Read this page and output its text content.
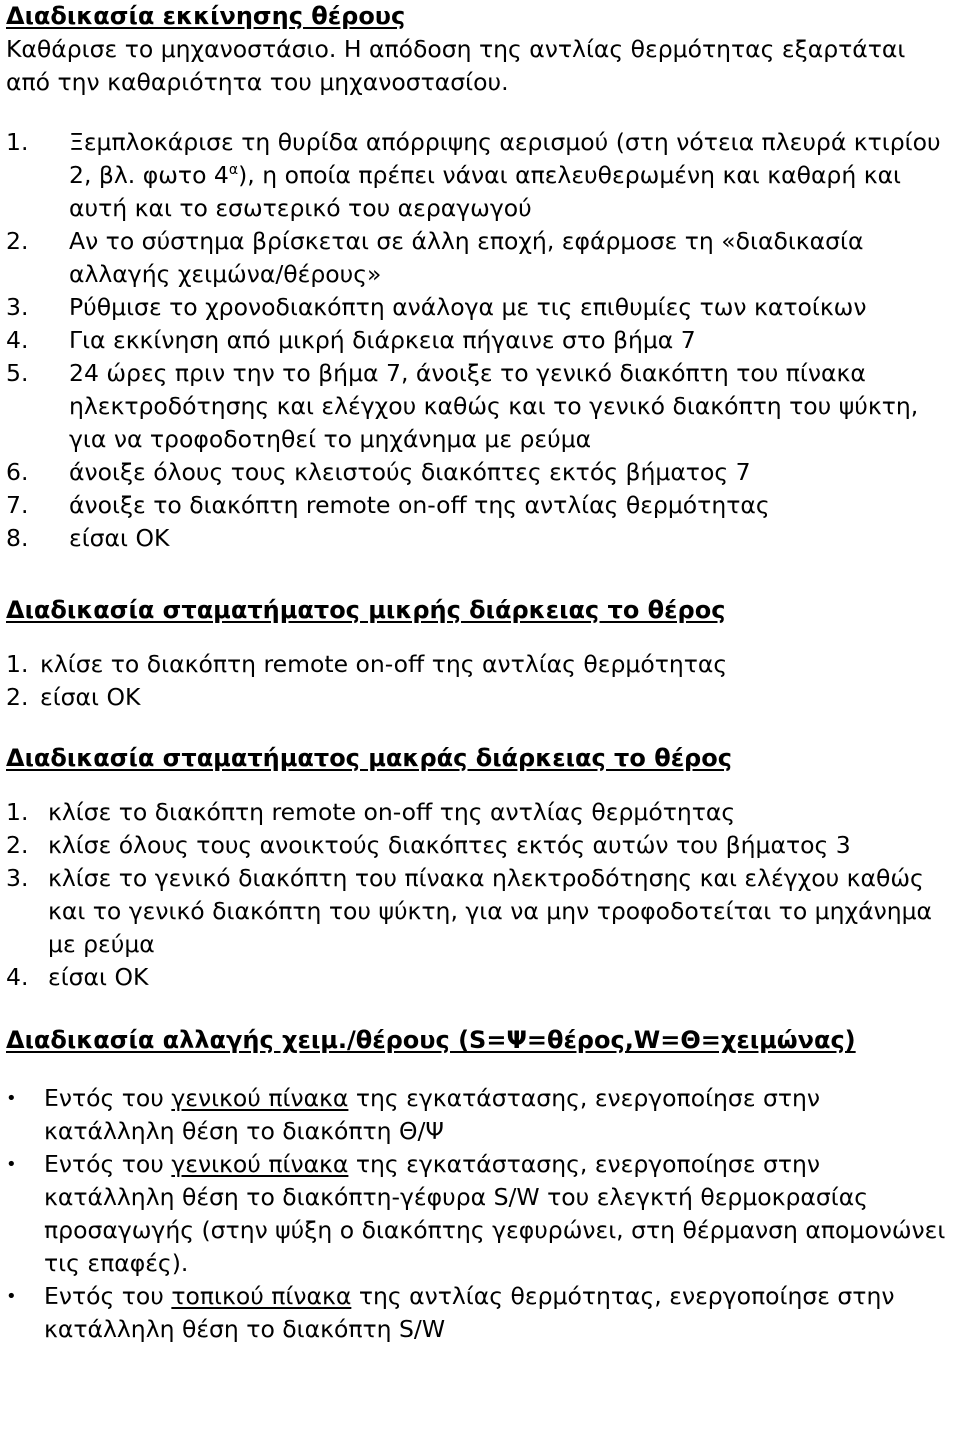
Διαδικασία εκκίνησης θέρους

Καθάρισε το μηχανοστάσιο. Η απόδοση της αντλίας θερμότητας εξαρτάται από την καθαριότητα του μηχανοστασίου.

1.	Ξεμπλοκάρισε τη θυρίδα απόρριψης αερισμού (στη νότεια πλευρά κτιρίου 2, βλ. φωτο $4^\alpha$), η οποία πρέπει νάναι απελευθερωμένη και καθαρή και αυτή και το εσωτερικό του αεραγωγού
2.	Αν το σύστημα βρίσκεται σε άλλη εποχή, εφάρμοσε τη «διαδικασία αλλαγής χειμώνα/θέρους»
3.	Ρύθμισε το χρονοδιακόπτη ανάλογα με τις επιθυμίες των κατοίκων
4.	Για εκκίνηση από μικρή διάρκεια πήγαινε στο βήμα 7
5.	24 ώρες πριν την το βήμα 7, άνοιξε το γενικό διακόπτη του πίνακα ηλεκτροδότησης και ελέγχου καθώς και το γενικό διακόπτη του ψύκτη, για να τροφοδοτηθεί το μηχάνημα με ρεύμα
6.	άνοιξε όλους τους κλειστούς διακόπτες εκτός βήματος 7
7.	άνοιξε το διακόπτη remote on-off της αντλίας θερμότητας
8.	είσαι ΟΚ
Διαδικασία σταματήματος μικρής διάρκειας το θέρος
1. κλίσε το διακόπτη remote on-off της αντλίας θερμότητας
2. είσαι ΟΚ
Διαδικασία σταματήματος μακράς διάρκειας το θέρος
1. κλίσε το διακόπτη remote on-off της αντλίας θερμότητας
2. κλίσε όλους τους ανοικτούς διακόπτες εκτός αυτών του βήματος 3
3. κλίσε το γενικό διακόπτη του πίνακα ηλεκτροδότησης και ελέγχου καθώς και το γενικό διακόπτη του ψύκτη, για να μην τροφοδοτείται το μηχάνημα με ρεύμα
4. είσαι ΟΚ
Διαδικασία αλλαγής χειμ./θέρους (S=Ψ=θέρος,W=Θ=χειμώνας)
•	Εντός του γενικού πίνακα της εγκατάστασης, ενεργοποίησε στην κατάλληλη θέση το διακόπτη Θ/Ψ
•	Εντός του γενικού πίνακα της εγκατάστασης, ενεργοποίησε στην κατάλληλη θέση το διακόπτη-γέφυρα S/W του ελεγκτή θερμοκρασίας προσαγωγής (στην ψύξη ο διακόπτης γεφυρώνει, στη θέρμανση απομονώνει τις επαφές).
•	Εντός του τοπικού πίνακα της αντλίας θερμότητας, ενεργοποίησε στην κατάλληλη θέση το διακόπτη S/W
